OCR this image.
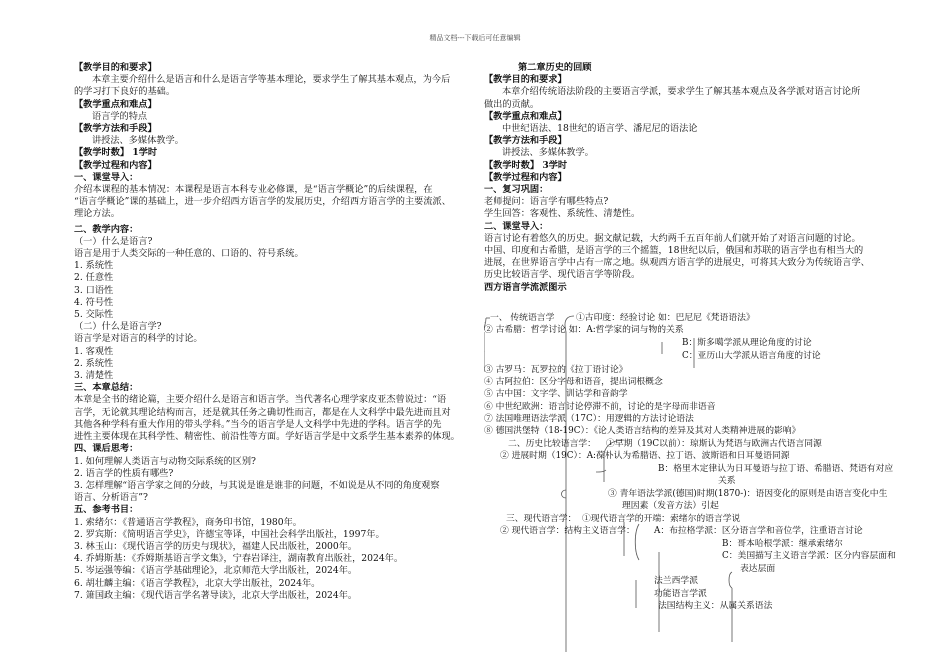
精品文档---下载后可任意编辑
【教学目的和要求】
本章主要介绍什么是语言和什么是语言学等基本理论，要求学生了解其基本观点，为今后
的学习打下良好的基础。
【教学重点和难点】
语言学的特点
【教学方法和手段】
讲授法、多媒体教学。
【教学时数】 1学时
【教学过程和内容】
一、课堂导入：
介绍本课程的基本情况：本课程是语言本科专业必修课，是“语言学概论”的后续课程，在
“语言学概论”课的基础上，进一步介绍西方语言学的发展历史，介绍西方语言学的主要流派、
理论方法。
二、教学内容：
（一）什么是语言?
语言是用于人类交际的一种任意的、口语的、符号系统。
1. 系统性
2. 任意性
3. 口语性
4. 符号性
5. 交际性
（二）什么是语言学?
语言学是对语言的科学的讨论。
1. 客观性
2. 系统性
3. 清楚性
三、本章总结：
本章是全书的绪论篇，主要介绍什么是语言和语言学。当代著名心理学家皮亚杰曾说过：“语
言学，无论就其理论结构而言，还是就其任务之确切性而言，都是在人文科学中最先进而且对
其他各种学科有重大作用的带头学科。”当今的语言学是人文科学中先进的学科。语言学的先
进性主要体现在其科学性、精密性、前沿性等方面。学好语言学是中文系学生基本素养的体现。
四、课后思考：
1. 如何理解人类语言与动物交际系统的区别?
2. 语言学的性质有哪些?
3. 怎样理解“语言学家之间的分歧，与其说是谁是谁非的问题，不如说是从不同的角度观察
语言、分析语言”?
五、参考书目：
1. 索绪尔：《普通语言学教程》，商务印书馆，1980年。
2. 罗宾斯：《简明语言学史》，许德宝等译，中国社会科学出版社，1997年。
3. 林玉山：《现代语言学的历史与现状》，福建人民出版社，2000年。
4. 乔姆斯基：《乔姆斯基语言学文集》，宁春岩译注，湖南教育出版社，2024年。
5. 岑运强等编：《语言学基础理论》，北京师范大学出版社，2024年。
6. 胡壮麟主编：《语言学教程》，北京大学出版社，2024年。
7. 箫国政主编：《现代语言学名著导读》，北京大学出版社，2024年。
第二章历史的回顾
【教学目的和要求】
本章介绍传统语法阶段的主要语言学派，要求学生了解其基本观点及各学派对语言讨论所
做出的贡献。
【教学重点和难点】
中世纪语法、18世纪的语言学、潘尼尼的语法论
【教学方法和手段】
讲授法、多媒体教学。
【教学时数】 3学时
【教学过程和内容】
一、复习巩固：
老师提问：语言学有哪些特点?
学生回答：客观性、系统性、清楚性。
二、课堂导入：
语言讨论有着悠久的历史。据文献记载，大约两千五百年前人们就开始了对语言问题的讨论。
中国、印度和古希腊，是语言学的三个摇篮，18世纪以后，俄国和苏联的语言学也有相当大的
进展，在世界语言学中占有一席之地。纵观西方语言学的进展史，可将其大致分为传统语言学、
历史比较语言学、现代语言学等阶段。
西方语言学流派图示
一、 传统语言学 ①古印度：经验讨论 如：巴尼尼《梵语语法》
② 古希腊：哲学讨论 如：A:哲学家的词与物的关系
B：斯多噶学派从理论角度的讨论
C：亚历山大学派从语言角度的讨论
③ 古罗马：瓦罗拉的《拉丁语讨论》
④ 古阿拉伯：区分字母和语音，提出词根概念
⑤ 古中国：文字学、训诂学和音韵学
⑥ 中世纪欧洲：语言讨论停滞不前，讨论的是字母而非语音
⑦ 法国唯理语法学派（17C）：用逻辑的方法讨论语法
⑧ 德国洪堡特（18-19C）：《论人类语言结构的差异及其对人类精神进展的影响》
二、历史比较语言学： ①早期（19C以前）：琼斯认为梵语与欧洲古代语言同源
② 进展时期（19C）：A:葆朴认为希腊语、拉丁语、波斯语和日耳曼语同源
B：格里木定律认为日耳曼语与拉丁语、希腊语、梵语有对应
关系
③ 青年语法学派(德国)时期(1870-)：语因变化的原则是由语言变化中生
理因素（发音方法）引起
三、现代语言学： ①现代语言学的开端：索绪尔的语言学说
② 现代语言学：结构主义语言学： A：布拉格学派：区分语言学和音位学，注重语言讨论
B：哥本哈根学派：继承索绪尔
C：美国描写主义语言学派：区分内容层面和
表达层面
法兰西学派
功能语言学派
法国结构主义：从属关系语法
